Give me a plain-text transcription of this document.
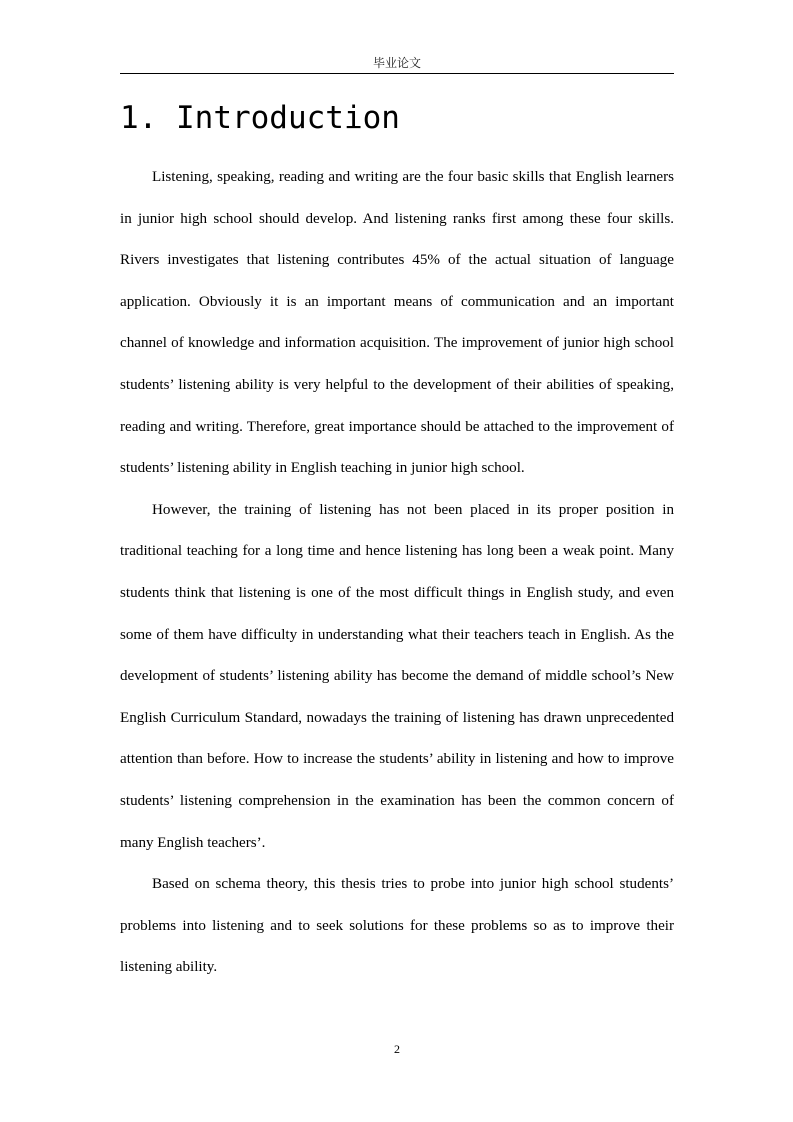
毕业论文
1. Introduction

Listening, speaking, reading and writing are the four basic skills that English learners in junior high school should develop. And listening ranks first among these four skills. Rivers investigates that listening contributes 45% of the actual situation of language application. Obviously it is an important means of communication and an important channel of knowledge and information acquisition. The improvement of junior high school students’ listening ability is very helpful to the development of their abilities of speaking, reading and writing. Therefore, great importance should be attached to the improvement of students’ listening ability in English teaching in junior high school.

However, the training of listening has not been placed in its proper position in traditional teaching for a long time and hence listening has long been a weak point. Many students think that listening is one of the most difficult things in English study, and even some of them have difficulty in understanding what their teachers teach in English. As the development of students’ listening ability has become the demand of middle school’s New English Curriculum Standard, nowadays the training of listening has drawn unprecedented attention than before. How to increase the students’ ability in listening and how to improve students’ listening comprehension in the examination has been the common concern of many English teachers’.

Based on schema theory, this thesis tries to probe into junior high school students’ problems into listening and to seek solutions for these problems so as to improve their listening ability.

2
